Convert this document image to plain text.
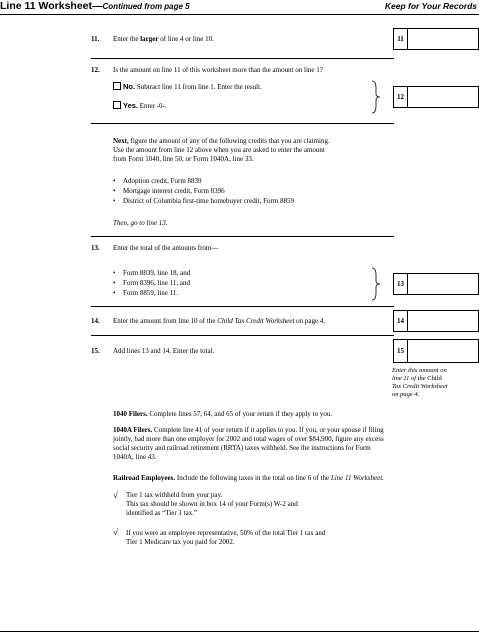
Line 11 Worksheet—Continued from page 5	Keep for Your Records
11. Enter the larger of line 4 or line 10.	11
12. Is the amount on line 11 of this worksheet more than the amount on line 1?
No. Subtract line 11 from line 1. Enter the result.
Yes. Enter -0-.
12
Next, figure the amount of any of the following credits that you are claiming.
Use the amount from line 12 above when you are asked to enter the amount
from Form 1040, line 50, or Form 1040A, line 33.
• Adoption credit, Form 8839
• Mortgage interest credit, Form 8396
• District of Columbia first-time homebuyer credit, Form 8859
Then, go to line 13.
13. Enter the total of the amounts from—
• Form 8839, line 18, and
• Form 8396, line 11, and
• Form 8859, line 11.
13
14. Enter the amount from line 10 of the Child Tax Credit Worksheet on page 4.	14
15. Add lines 13 and 14. Enter the total.	15
Enter this amount on
line 11 of the Child
Tax Credit Worksheet
on page 4.
1040 Filers. Complete lines 57, 64, and 65 of your return if they apply to you.
1040A Filers. Complete line 41 of your return if it applies to you. If you, or your spouse if filing
jointly, had more than one employer for 2002 and total wages of over $84,900, figure any excess
social security and railroad retirement (RRTA) taxes withheld. See the instructions for Form
1040A, line 43.
Railroad Employees. Include the following taxes in the total on line 6 of the Line 11 Worksheet.
√ Tier 1 tax withheld from your pay.
This tax should be shown in box 14 of your Form(s) W-2 and
identified as “Tier 1 tax.”
√ If you were an employee representative, 50% of the total Tier 1 tax and
Tier 1 Medicare tax you paid for 2002.
